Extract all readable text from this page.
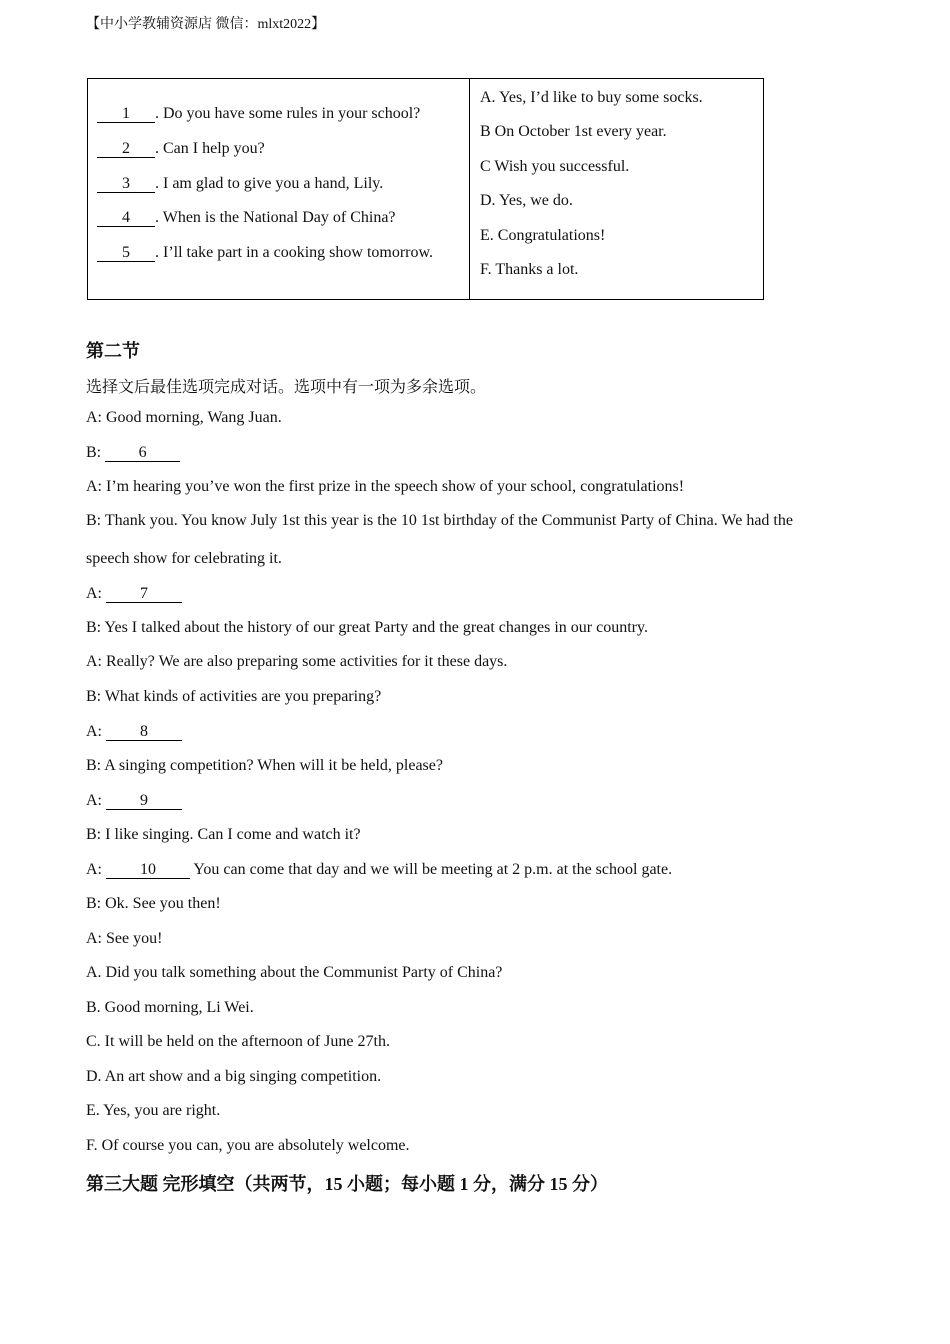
【中小学教辅资源店 微信：mlxt2022】
1 . Do you have some rules in your school?
2 . Can I help you?
3 . I am glad to give you a hand, Lily.
4 . When is the National Day of China?
5 . I’ll take part in a cooking show tomorrow.
A. Yes, I’d like to buy some socks.
B On October 1st every year.
C Wish you successful.
D. Yes, we do.
E. Congratulations!
F. Thanks a lot.
第二节
选择文后最佳选项完成对话。选项中有一项为多余选项。
A: Good morning, Wang Juan.
B: 6
A: I’m hearing you’ve won the first prize in the speech show of your school, congratulations!
B: Thank you. You know July 1st this year is the 10 1st birthday of the Communist Party of China. We had the
speech show for celebrating it.
A: 7
B: Yes I talked about the history of our great Party and the great changes in our country.
A: Really? We are also preparing some activities for it these days.
B: What kinds of activities are you preparing?
A: 8
B: A singing competition? When will it be held, please?
A: 9
B: I like singing. Can I come and watch it?
A: 10 You can come that day and we will be meeting at 2 p.m. at the school gate.
B: Ok. See you then!
A: See you!
A. Did you talk something about the Communist Party of China?
B. Good morning, Li Wei.
C. It will be held on the afternoon of June 27th.
D. An art show and a big singing competition.
E. Yes, you are right.
F. Of course you can, you are absolutely welcome.
第三大题 完形填空（共两节，15 小题；每小题 1 分，满分 15 分）
